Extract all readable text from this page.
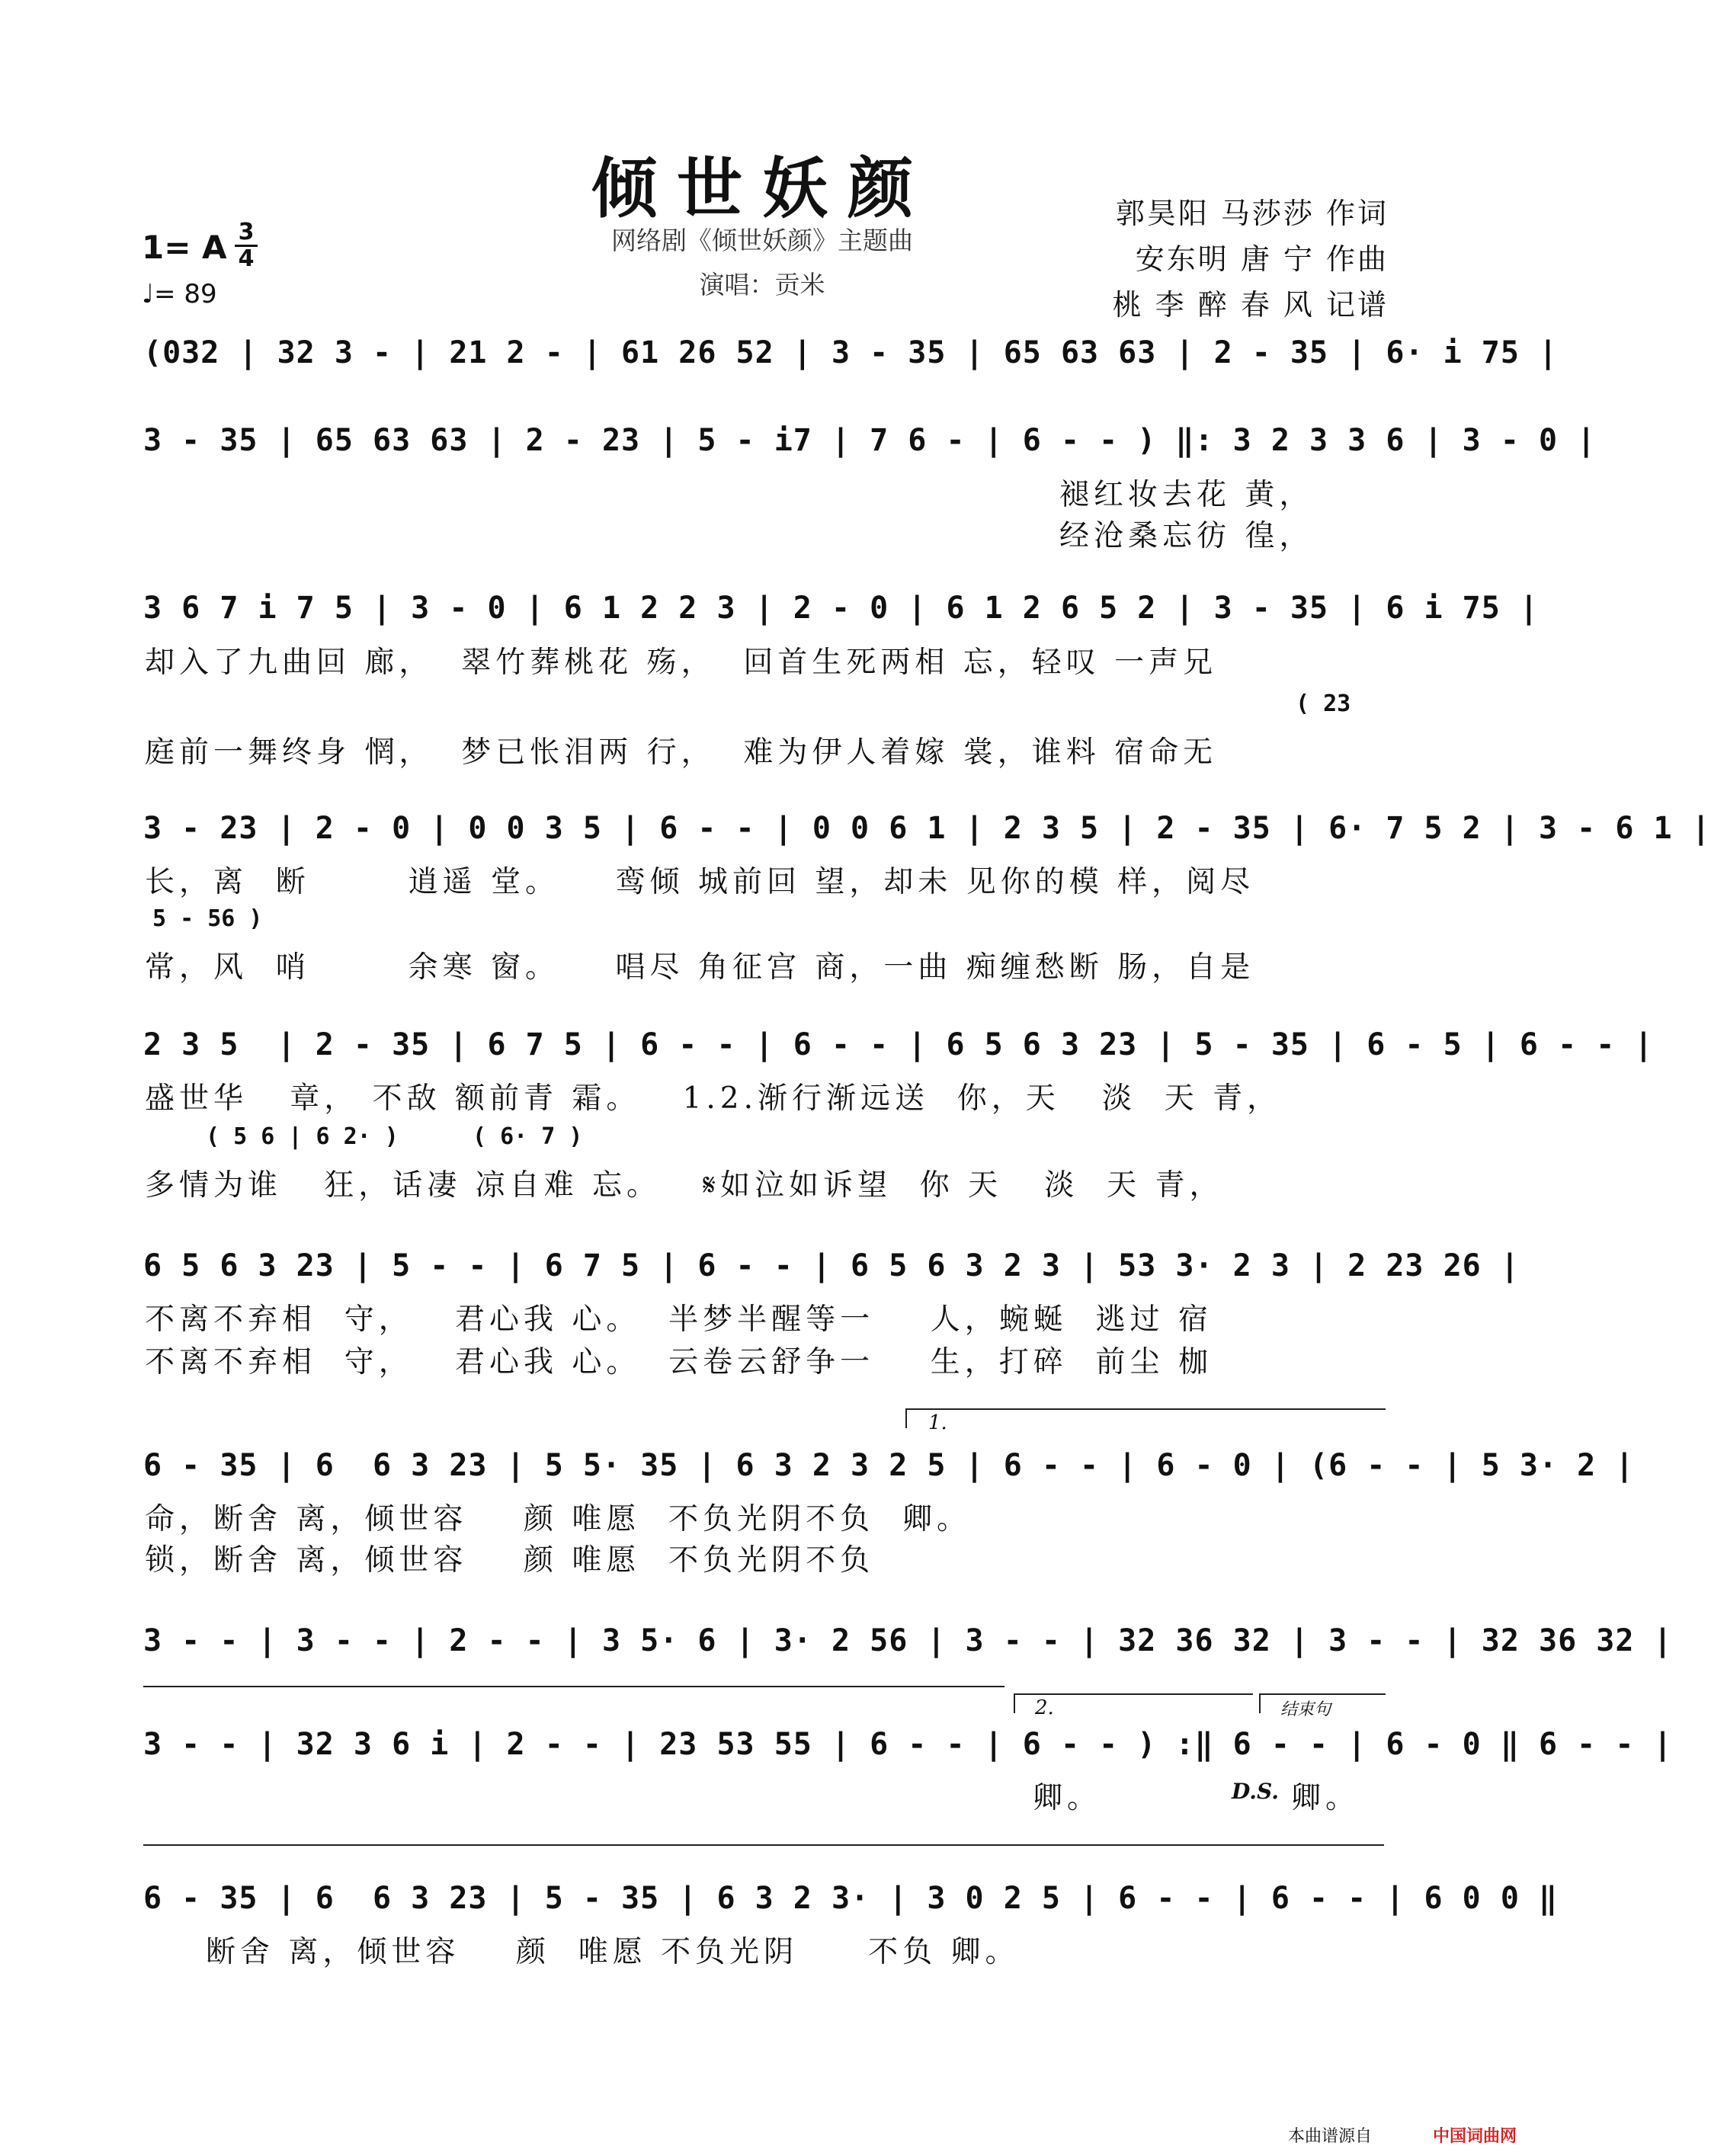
倾世妖颜
网络剧《倾世妖颜》主题曲
演唱：贡米
1= A 3
4
♩= 89
郭昊阳 马莎莎 作词
安东明 唐 宁 作曲
桃 李 醉 春 风 记谱
(032 | 32 3 - | 21 2 - | 61 26 52 | 3 - 35 | 65 63 63 | 2 - 35 | 6· i 75 |
3 - 35 | 65 63 63 | 2 - 23 | 5 - i7 | 7 6 - | 6 - - ) ‖: 3 2 3 3 6 | 3 - 0 |
褪红妆去花 黄，
经沧桑忘彷 徨，
3 6 7 i 7 5 | 3 - 0 | 6 1 2 2 3 | 2 - 0 | 6 1 2 6 5 2 | 3 - 35 | 6 i 75 |
却入了九曲回 廊，  翠竹葬桃花 殇，  回首生死两相 忘，轻叹 一声兄
( 23
庭前一舞终身 惘，  梦已怅泪两 行，  难为伊人着嫁 裳，谁料 宿命无
3 - 23 | 2 - 0 | 0 0 3 5 | 6 - - | 0 0 6 1 | 2 3 5 | 2 - 35 | 6· 7 5 2 | 3 - 6 1 |
长，离  断       逍遥 堂。    鸾倾 城前回 望，却未 见你的模 样，阅尽
5 - 56 )
常，风  哨       余寒 窗。    唱尽 角征宫 商，一曲 痴缠愁断 肠，自是
2 3 5  | 2 - 35 | 6 7 5 | 6 - - | 6 - - | 6 5 6 3 23 | 5 - 35 | 6 - 5 | 6 - - |
盛世华   章， 不敌 额前青 霜。   1.2.渐行渐远送  你，天   淡  天 青，
( 5 6 | 6 2· )	( 6· 7 )
多情为谁   狂，话凄 凉自难 忘。   𝄋如泣如诉望  你 天   淡  天 青，
6 5 6 3 23 | 5 - - | 6 7 5 | 6 - - | 6 5 6 3 2 3 | 53 3· 2 3 | 2 23 26 |
不离不弃相  守，   君心我 心。  半梦半醒等一    人，蜿蜒  逃过 宿
不离不弃相  守，   君心我 心。  云卷云舒争一    生，打碎  前尘 枷
1.
6 - 35 | 6  6 3 23 | 5 5· 35 | 6 3 2 3 2 5 | 6 - - | 6 - 0 | (6 - - | 5 3· 2 |
命，断舍 离，倾世容    颜 唯愿  不负光阴不负  卿。
锁，断舍 离，倾世容    颜 唯愿  不负光阴不负
3 - - | 3 - - | 2 - - | 3 5· 6 | 3· 2 56 | 3 - - | 32 36 32 | 3 - - | 32 36 32 |
2.	结束句
3 - - | 32 3 6 i | 2 - - | 23 53 55 | 6 - - | 6 - - ) :‖ 6 - - | 6 - 0 ‖ 6 - - |
卿。	D.S. 卿。
6 - 35 | 6  6 3 23 | 5 - 35 | 6 3 2 3· | 3 0 2 5 | 6 - - | 6 - - | 6 0 0 ‖
断舍 离，倾世容    颜  唯愿 不负光阴     不负 卿。
本曲谱源自	中国词曲网
